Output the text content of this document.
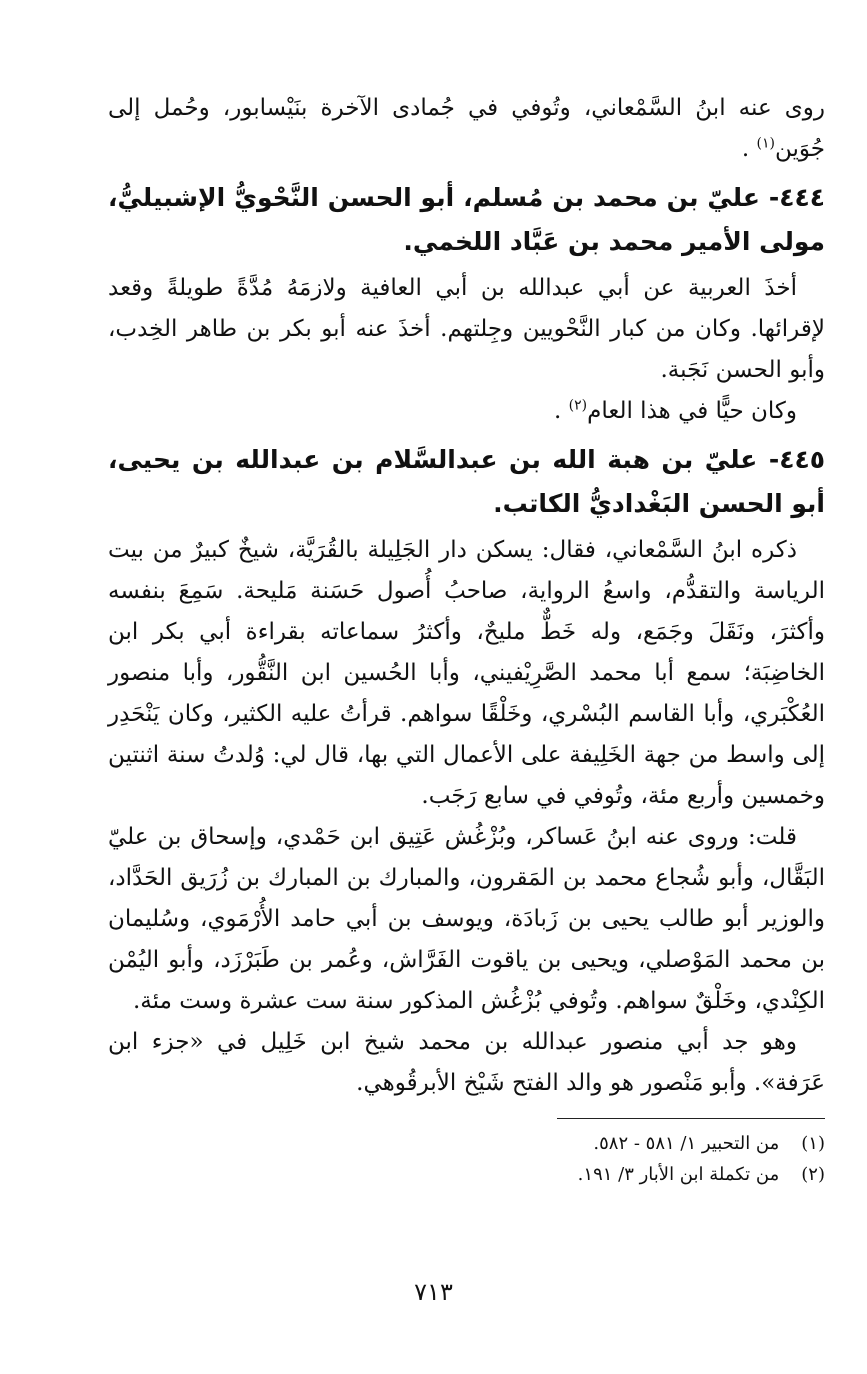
روى عنه ابنُ السَّمْعاني، وتُوفي في جُمادى الآخرة بنَيْسابور، وحُمل إلى جُوَين$^{(١)}$ .

٤٤٤- عليّ بن محمد بن مُسلم، أبو الحسن النَّحْويُّ الإشبيليُّ، مولى الأمير محمد بن عَبَّاد اللخمي.

أخذَ العربية عن أبي عبدالله بن أبي العافية ولازمَهُ مُدَّةً طويلةً وقعد لإقرائها. وكان من كبار النَّحْويين وجِلتهم. أخذَ عنه أبو بكر بن طاهر الخِدب، وأبو الحسن نَجَبة.

وكان حيًّا في هذا العام$^{(٢)}$ .

٤٤٥- عليّ بن هبة الله بن عبدالسَّلام بن عبدالله بن يحيى، أبو الحسن البَغْداديُّ الكاتب.

ذكره ابنُ السَّمْعاني، فقال: يسكن دار الجَلِيلة بالقُرَيَّة، شيخٌ كبيرٌ من بيت الرياسة والتقدُّم، واسعُ الرواية، صاحبُ أُصول حَسَنة مَليحة. سَمِعَ بنفسه وأكثرَ، ونَقَلَ وجَمَع، وله خَطٌّ مليحٌ، وأكثرُ سماعاته بقراءة أبي بكر ابن الخاضِبَة؛ سمع أبا محمد الصَّرِيْفيني، وأبا الحُسين ابن النَّقُّور، وأبا منصور العُكْبَري، وأبا القاسم البُسْري، وخَلْقًا سواهم. قرأتُ عليه الكثير، وكان يَنْحَدِر إلى واسط من جهة الخَلِيفة على الأعمال التي بها، قال لي: وُلدتُ سنة اثنتين وخمسين وأربع مئة، وتُوفي في سابع رَجَب.

قلت: وروى عنه ابنُ عَساكر، وبُزْغُش عَتِيق ابن حَمْدي، وإسحاق بن عليّ البَقَّال، وأبو شُجاع محمد بن المَقرون، والمبارك بن المبارك بن زُرَيق الحَدَّاد، والوزير أبو طالب يحيى بن زَبادَة، ويوسف بن أبي حامد الأُرْمَوي، وسُليمان بن محمد المَوْصلي، ويحيى بن ياقوت الفَرَّاش، وعُمر بن طَبَرْزَد، وأبو اليُمْن الكِنْدي، وخَلْقٌ سواهم. وتُوفي بُزْغُش المذكور سنة ست عشرة وست مئة.

وهو جد أبي منصور عبدالله بن محمد شيخ ابن خَلِيل في «جزء ابن عَرَفة». وأبو مَنْصور هو والد الفتح شَيْخ الأبرقُوهي.

(١) من التحبير ١/ ٥٨١ - ٥٨٢.

(٢) من تكملة ابن الأبار ٣/ ١٩١.

٧١٣
